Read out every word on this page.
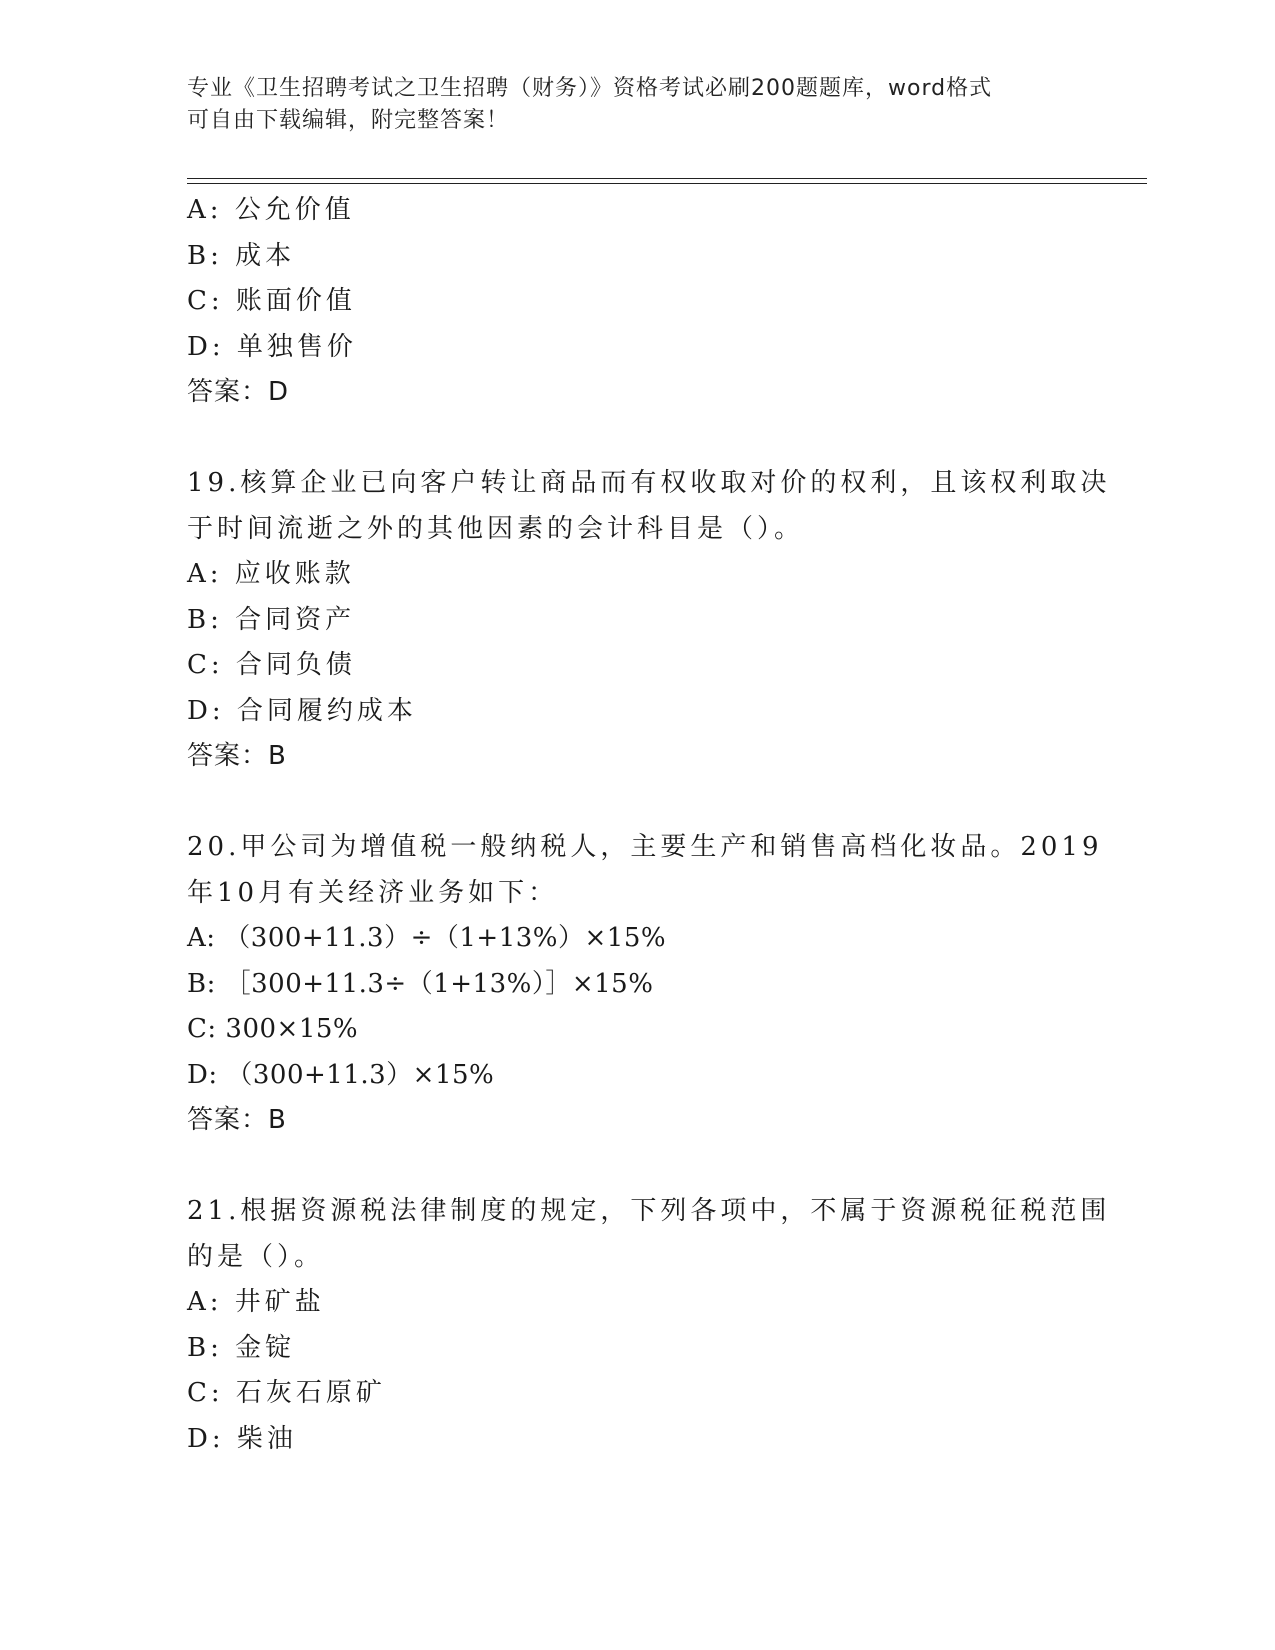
专业《卫生招聘考试之卫生招聘（财务）》资格考试必刷200题题库，word格式
可自由下载编辑，附完整答案！
A: 公允价值
B: 成本
C: 账面价值
D: 单独售价
答案：D
19.核算企业已向客户转让商品而有权收取对价的权利，且该权利取决
于时间流逝之外的其他因素的会计科目是（）。
A: 应收账款
B: 合同资产
C: 合同负债
D: 合同履约成本
答案：B
20.甲公司为增值税一般纳税人，主要生产和销售高档化妆品。2019
年10月有关经济业务如下：
A: （300+11.3）÷（1+13%）×15%
B: ［300+11.3÷（1+13%）］×15%
C: 300×15%
D: （300+11.3）×15%
答案：B
21.根据资源税法律制度的规定，下列各项中，不属于资源税征税范围
的是（）。
A: 井矿盐
B: 金锭
C: 石灰石原矿
D: 柴油
